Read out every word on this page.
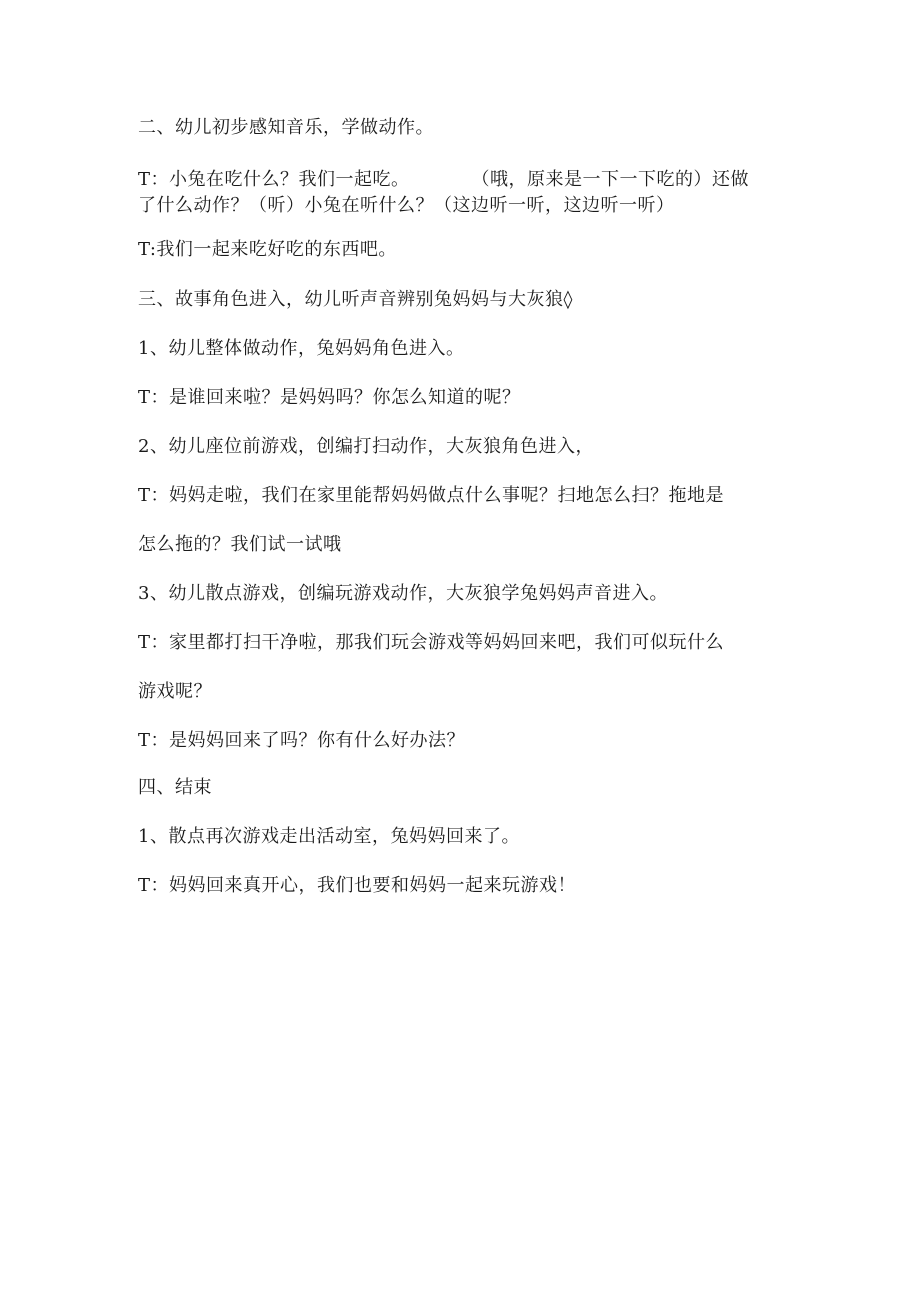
二、幼儿初步感知音乐，学做动作。
T：小兔在吃什么？我们一起吃。	（哦，原来是一下一下吃的）还做
了什么动作？（听）小兔在听什么？（这边听一听，这边听一听）
T:我们一起来吃好吃的东西吧。
三、故事角色进入，幼儿听声音辨别兔妈妈与大灰狼◊
1、幼儿整体做动作，兔妈妈角色进入。
T：是谁回来啦？是妈妈吗？你怎么知道的呢？
2、幼儿座位前游戏，创编打扫动作，大灰狼角色进入，
T：妈妈走啦，我们在家里能帮妈妈做点什么事呢？扫地怎么扫？拖地是
怎么拖的？我们试一试哦
3、幼儿散点游戏，创编玩游戏动作，大灰狼学兔妈妈声音进入。
T：家里都打扫干净啦，那我们玩会游戏等妈妈回来吧，我们可似玩什么
游戏呢？
T：是妈妈回来了吗？你有什么好办法？
四、结束
1、散点再次游戏走出活动室，兔妈妈回来了。
T：妈妈回来真开心，我们也要和妈妈一起来玩游戏！
